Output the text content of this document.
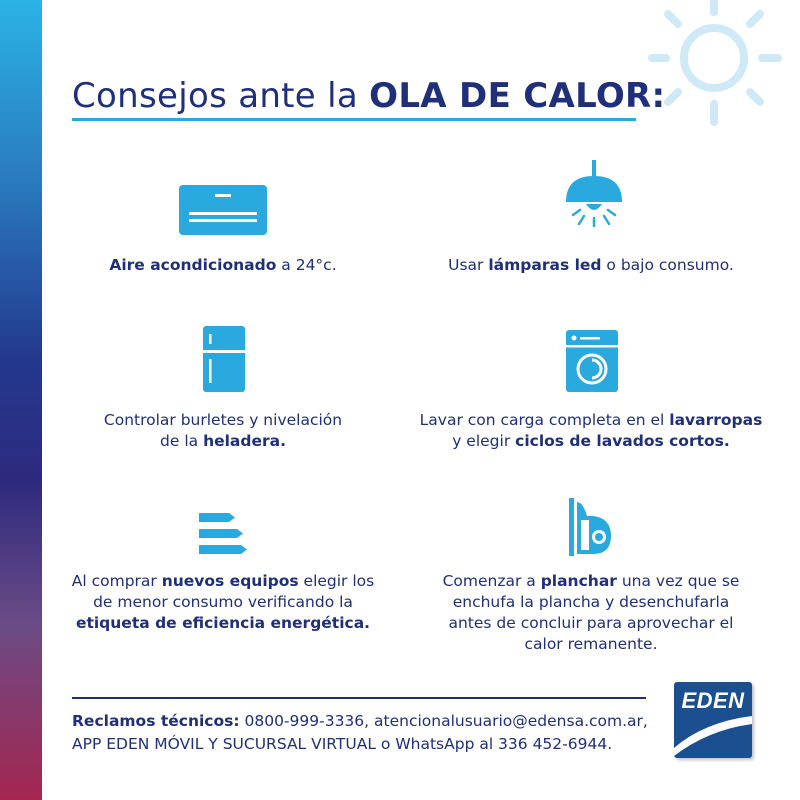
Consejos ante la OLA DE CALOR:
Aire acondicionado a 24°c.	Usar lámparas led o bajo consumo.
Controlar burletes y nivelación
de la heladera.
Lavar con carga completa en el lavarropas
y elegir ciclos de lavados cortos.
Al comprar nuevos equipos elegir los
de menor consumo verificando la
etiqueta de eficiencia energética.
Comenzar a planchar una vez que se
enchufa la plancha y desenchufarla
antes de concluir para aprovechar el
calor remanente.
Reclamos técnicos: 0800-999-3336, atencionalusuario@edensa.com.ar,
APP EDEN MÓVIL Y SUCURSAL VIRTUAL o WhatsApp al 336 452-6944.
EDEN
